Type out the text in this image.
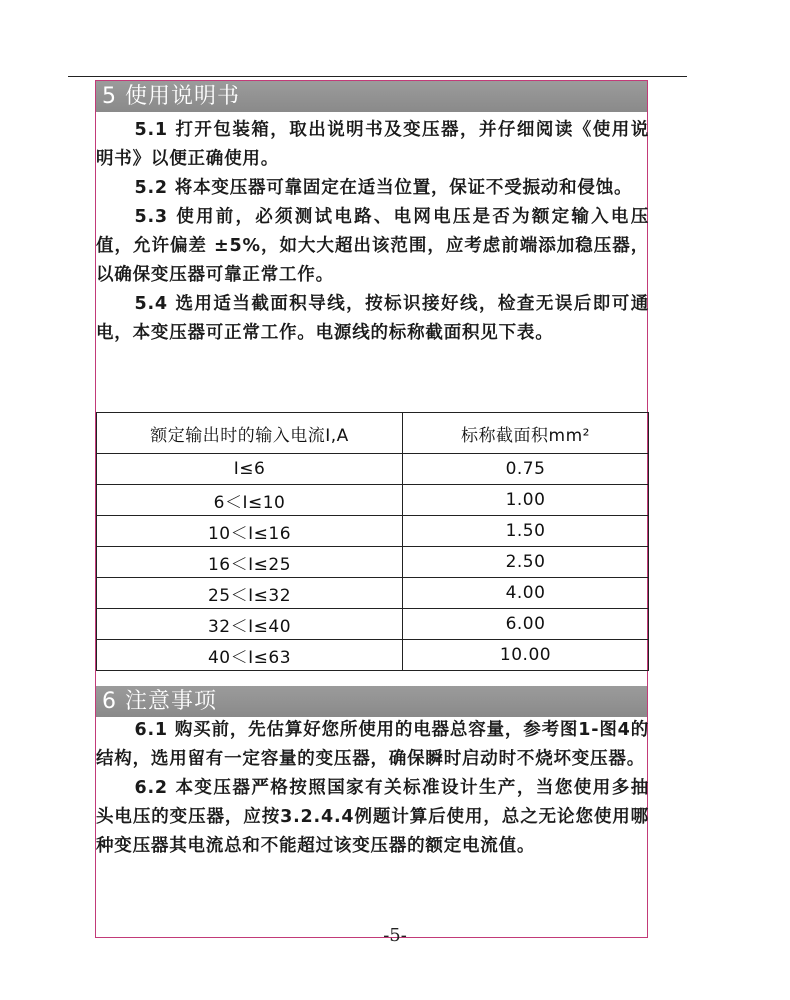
5 使用说明书

5.1 打开包装箱，取出说明书及变压器，并仔细阅读《使用说明书》以便正确使用。

5.2 将本变压器可靠固定在适当位置，保证不受振动和侵蚀。

5.3 使用前，必须测试电路、电网电压是否为额定输入电压值，允许偏差 ±5%，如大大超出该范围，应考虑前端添加稳压器，以确保变压器可靠正常工作。

5.4 选用适当截面积导线，按标识接好线，检查无误后即可通电，本变压器可正常工作。电源线的标称截面积见下表。

额定输出时的输入电流I,A	标称截面积mm²
I≤6	0.75
6＜I≤10	1.00
10＜I≤16	1.50
16＜I≤25	2.50
25＜I≤32	4.00
32＜I≤40	6.00
40＜I≤63	10.00
6 注意事项

6.1 购买前，先估算好您所使用的电器总容量，参考图1-图4的结构，选用留有一定容量的变压器，确保瞬时启动时不烧坏变压器。

6.2 本变压器严格按照国家有关标准设计生产，当您使用多抽头电压的变压器，应按3.2.4.4例题计算后使用，总之无论您使用哪种变压器其电流总和不能超过该变压器的额定电流值。

-5-
